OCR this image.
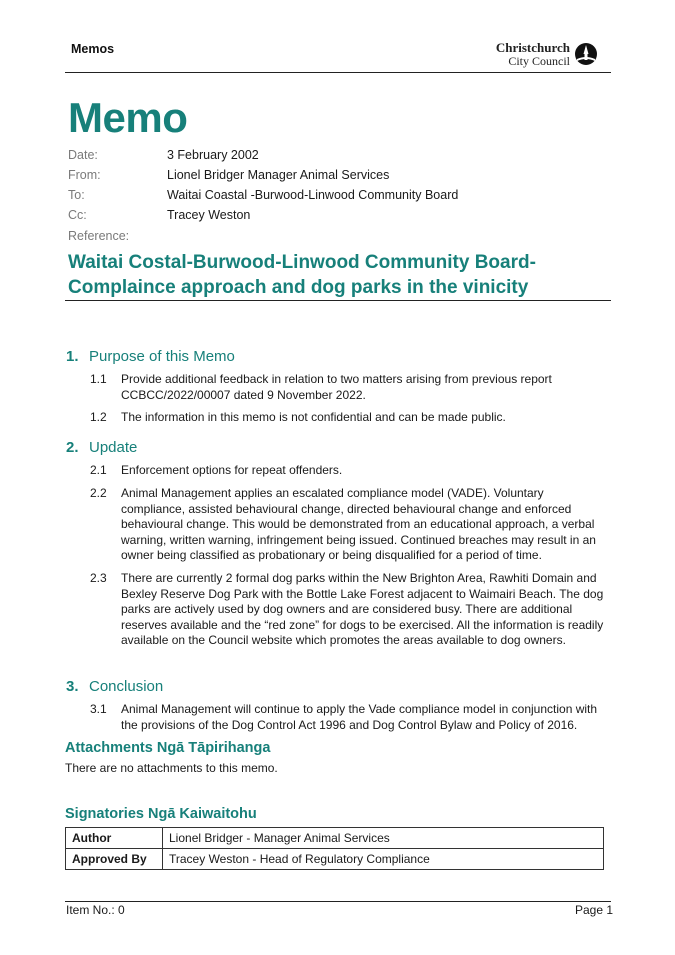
Memos	Christchurch
City Council
Memo
Date:	3 February 2002
From:	Lionel Bridger Manager Animal Services
To:	Waitai Coastal -Burwood-Linwood Community Board
Cc:	Tracey Weston
Reference:
Waitai Costal-Burwood-Linwood Community Board-
Complaince approach and dog parks in the vinicity
1. Purpose of this Memo
1.1 Provide additional feedback in relation to two matters arising from previous report CCBCC/2022/00007 dated 9 November 2022.
1.2 The information in this memo is not confidential and can be made public.
2. Update
2.1 Enforcement options for repeat offenders.
2.2 Animal Management applies an escalated compliance model (VADE). Voluntary compliance, assisted behavioural change, directed behavioural change and enforced behavioural change. This would be demonstrated from an educational approach, a verbal warning, written warning, infringement being issued. Continued breaches may result in an owner being classified as probationary or being disqualified for a period of time.
2.3 There are currently 2 formal dog parks within the New Brighton Area, Rawhiti Domain and Bexley Reserve Dog Park with the Bottle Lake Forest adjacent to Waimairi Beach. The dog parks are actively used by dog owners and are considered busy. There are additional reserves available and the “red zone” for dogs to be exercised. All the information is readily available on the Council website which promotes the areas available to dog owners.
3. Conclusion
3.1 Animal Management will continue to apply the Vade compliance model in conjunction with the provisions of the Dog Control Act 1996 and Dog Control Bylaw and Policy of 2016.
Attachments Ngā Tāpirihanga
There are no attachments to this memo.
Signatories Ngā Kaiwaitohu
Author	Lionel Bridger - Manager Animal Services
Approved By	Tracey Weston - Head of Regulatory Compliance
Item No.: 0	Page 1
